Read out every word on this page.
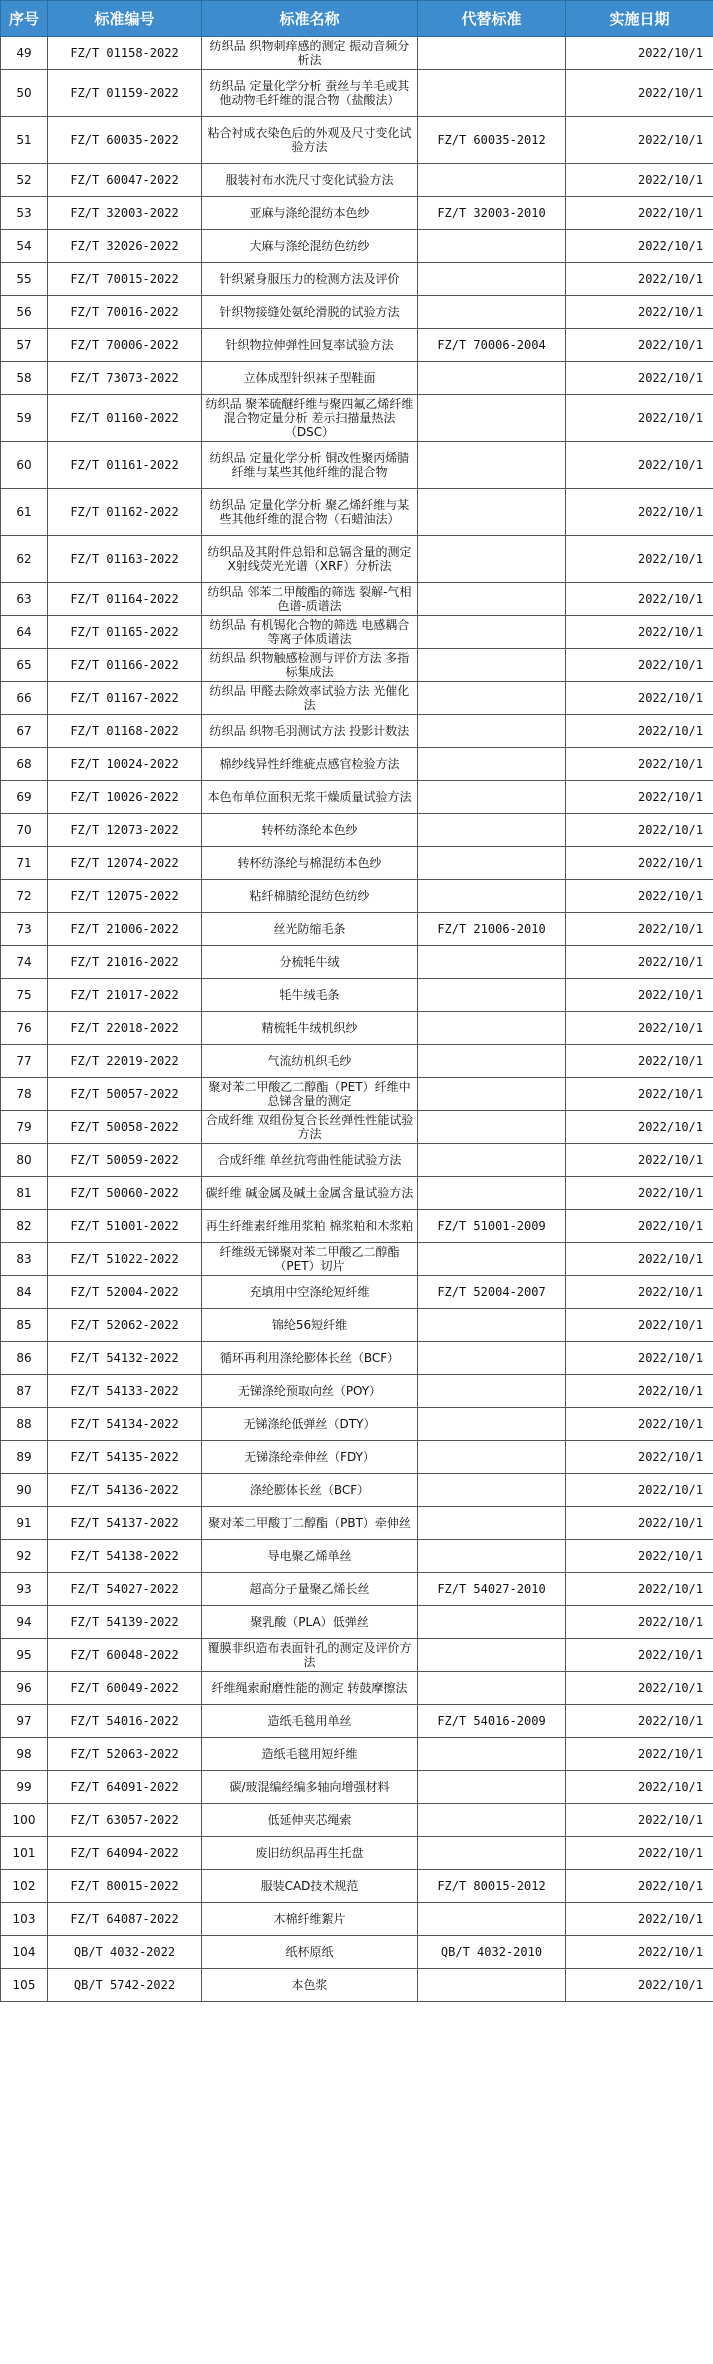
序号	标准编号	标准名称	代替标准	实施日期
49	FZ/T 01158-2022	纺织品 织物刺痒感的测定 振动音频分析法		2022/10/1
50	FZ/T 01159-2022	纺织品 定量化学分析 蚕丝与羊毛或其他动物毛纤维的混合物（盐酸法）		2022/10/1
51	FZ/T 60035-2022	粘合衬成衣染色后的外观及尺寸变化试验方法	FZ/T 60035-2012	2022/10/1
52	FZ/T 60047-2022	服装衬布水洗尺寸变化试验方法		2022/10/1
53	FZ/T 32003-2022	亚麻与涤纶混纺本色纱	FZ/T 32003-2010	2022/10/1
54	FZ/T 32026-2022	大麻与涤纶混纺色纺纱		2022/10/1
55	FZ/T 70015-2022	针织紧身服压力的检测方法及评价		2022/10/1
56	FZ/T 70016-2022	针织物接缝处氨纶滑脱的试验方法		2022/10/1
57	FZ/T 70006-2022	针织物拉伸弹性回复率试验方法	FZ/T 70006-2004	2022/10/1
58	FZ/T 73073-2022	立体成型针织袜子型鞋面		2022/10/1
59	FZ/T 01160-2022	纺织品 聚苯硫醚纤维与聚四氟乙烯纤维混合物定量分析 差示扫描量热法（DSC）		2022/10/1
60	FZ/T 01161-2022	纺织品 定量化学分析 铜改性聚丙烯腈纤维与某些其他纤维的混合物		2022/10/1
61	FZ/T 01162-2022	纺织品 定量化学分析 聚乙烯纤维与某些其他纤维的混合物（石蜡油法）		2022/10/1
62	FZ/T 01163-2022	纺织品及其附件总铅和总镉含量的测定 X射线荧光光谱（XRF）分析法		2022/10/1
63	FZ/T 01164-2022	纺织品 邻苯二甲酸酯的筛选 裂解-气相色谱-质谱法		2022/10/1
64	FZ/T 01165-2022	纺织品 有机锡化合物的筛选 电感耦合等离子体质谱法		2022/10/1
65	FZ/T 01166-2022	纺织品 织物触感检测与评价方法 多指标集成法		2022/10/1
66	FZ/T 01167-2022	纺织品 甲醛去除效率试验方法 光催化法		2022/10/1
67	FZ/T 01168-2022	纺织品 织物毛羽测试方法 投影计数法		2022/10/1
68	FZ/T 10024-2022	棉纱线异性纤维疵点感官检验方法		2022/10/1
69	FZ/T 10026-2022	本色布单位面积无浆干燥质量试验方法		2022/10/1
70	FZ/T 12073-2022	转杯纺涤纶本色纱		2022/10/1
71	FZ/T 12074-2022	转杯纺涤纶与棉混纺本色纱		2022/10/1
72	FZ/T 12075-2022	粘纤棉腈纶混纺色纺纱		2022/10/1
73	FZ/T 21006-2022	丝光防缩毛条	FZ/T 21006-2010	2022/10/1
74	FZ/T 21016-2022	分梳牦牛绒		2022/10/1
75	FZ/T 21017-2022	牦牛绒毛条		2022/10/1
76	FZ/T 22018-2022	精梳牦牛绒机织纱		2022/10/1
77	FZ/T 22019-2022	气流纺机织毛纱		2022/10/1
78	FZ/T 50057-2022	聚对苯二甲酸乙二醇酯（PET）纤维中总锑含量的测定		2022/10/1
79	FZ/T 50058-2022	合成纤维 双组份复合长丝弹性性能试验方法		2022/10/1
80	FZ/T 50059-2022	合成纤维 单丝抗弯曲性能试验方法		2022/10/1
81	FZ/T 50060-2022	碳纤维 碱金属及碱土金属含量试验方法		2022/10/1
82	FZ/T 51001-2022	再生纤维素纤维用浆粕 棉浆粕和木浆粕	FZ/T 51001-2009	2022/10/1
83	FZ/T 51022-2022	纤维级无锑聚对苯二甲酸乙二醇酯（PET）切片		2022/10/1
84	FZ/T 52004-2022	充填用中空涤纶短纤维	FZ/T 52004-2007	2022/10/1
85	FZ/T 52062-2022	锦纶56短纤维		2022/10/1
86	FZ/T 54132-2022	循环再利用涤纶膨体长丝（BCF）		2022/10/1
87	FZ/T 54133-2022	无锑涤纶预取向丝（POY）		2022/10/1
88	FZ/T 54134-2022	无锑涤纶低弹丝（DTY）		2022/10/1
89	FZ/T 54135-2022	无锑涤纶牵伸丝（FDY）		2022/10/1
90	FZ/T 54136-2022	涤纶膨体长丝（BCF）		2022/10/1
91	FZ/T 54137-2022	聚对苯二甲酸丁二醇酯（PBT）牵伸丝		2022/10/1
92	FZ/T 54138-2022	导电聚乙烯单丝		2022/10/1
93	FZ/T 54027-2022	超高分子量聚乙烯长丝	FZ/T 54027-2010	2022/10/1
94	FZ/T 54139-2022	聚乳酸（PLA）低弹丝		2022/10/1
95	FZ/T 60048-2022	覆膜非织造布表面针孔的测定及评价方法		2022/10/1
96	FZ/T 60049-2022	纤维绳索耐磨性能的测定 转鼓摩擦法		2022/10/1
97	FZ/T 54016-2022	造纸毛毯用单丝	FZ/T 54016-2009	2022/10/1
98	FZ/T 52063-2022	造纸毛毯用短纤维		2022/10/1
99	FZ/T 64091-2022	碳/玻混编经编多轴向增强材料		2022/10/1
100	FZ/T 63057-2022	低延伸夹芯绳索		2022/10/1
101	FZ/T 64094-2022	废旧纺织品再生托盘		2022/10/1
102	FZ/T 80015-2022	服装CAD技术规范	FZ/T 80015-2012	2022/10/1
103	FZ/T 64087-2022	木棉纤维絮片		2022/10/1
104	QB/T 4032-2022	纸杯原纸	QB/T 4032-2010	2022/10/1
105	QB/T 5742-2022	本色浆		2022/10/1
